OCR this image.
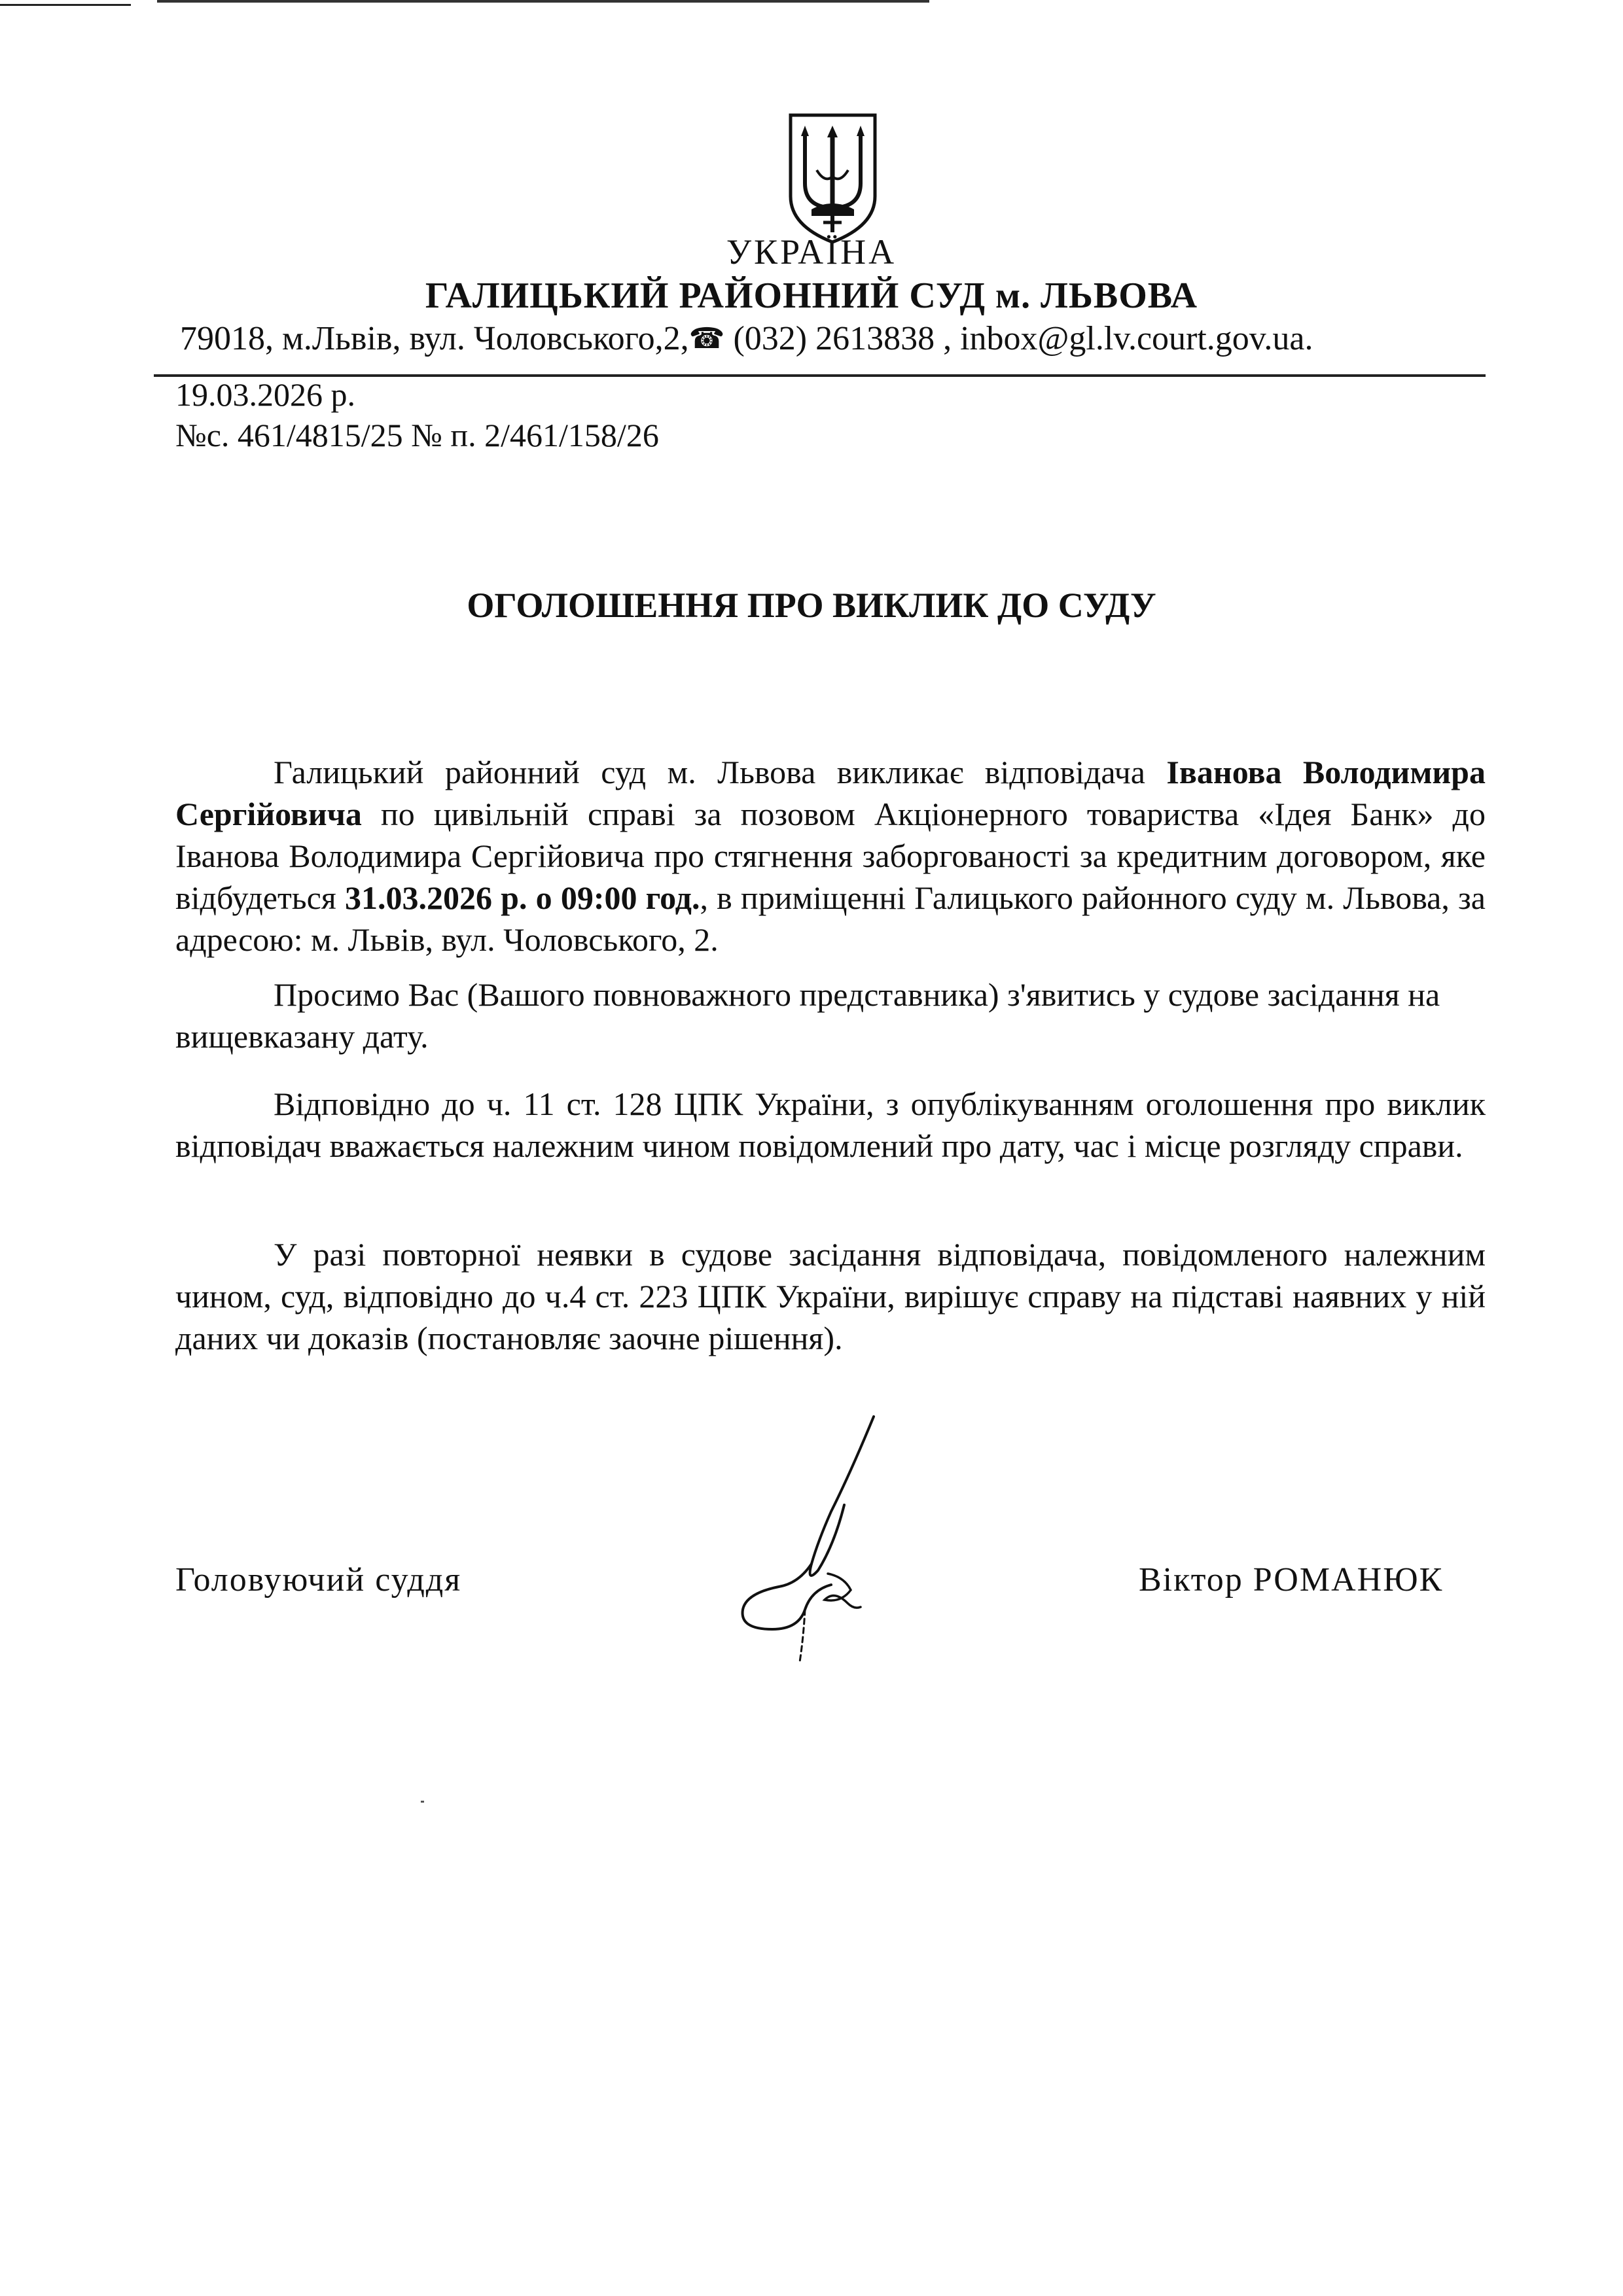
УКРАЇНА
ГАЛИЦЬКИЙ РАЙОННИЙ СУД м. ЛЬВОВА
79018, м.Львів, вул. Чоловського,2,☎ (032) 2613838 , inbox@gl.lv.court.gov.ua.
19.03.2026 р.
№с. 461/4815/25 № п. 2/461/158/26
ОГОЛОШЕННЯ ПРО ВИКЛИК ДО СУДУ

Галицький районний суд м. Львова викликає відповідача Іванова Володимира Сергійовича по цивільній справі за позовом Акціонерного товариства «Ідея Банк» до Іванова Володимира Сергійовича про стягнення заборгованості за кредитним договором, яке відбудеться 31.03.2026 р. о 09:00 год., в приміщенні Галицького районного суду м. Львова, за адресою: м. Львів, вул. Чоловського, 2.

Просимо Вас (Вашого повноважного представника) з'явитись у судове засідання на вищевказану дату.

Відповідно до ч. 11 ст. 128 ЦПК України, з опублікуванням оголошення про виклик відповідач вважається належним чином повідомлений про дату, час і місце розгляду справи.

У разі повторної неявки в судове засідання відповідача, повідомленого належним чином, суд, відповідно до ч.4 ст. 223 ЦПК України, вирішує справу на підставі наявних у ній даних чи доказів (постановляє заочне рішення).

Головуючий суддя	Віктор РОМАНЮК
